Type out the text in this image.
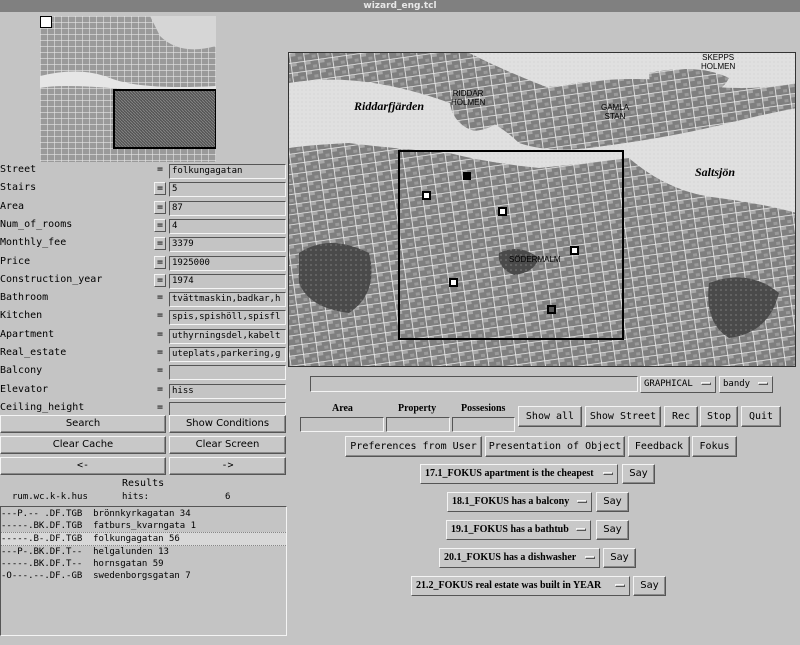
wizard_eng.tcl
Street	= folkungagatan
Stairs	= 5
Area	= 87
Num_of_rooms	= 4
Monthly_fee	= 3379
Price	= 1925000
Construction_year	= 1974
Bathroom	= tvättmaskin,badkar,h
Kitchen	= spis,spishöll,spisfl
Apartment	= uthyrningsdel,kabelt
Real_estate	= uteplats,parkering,g
Balcony	=
Elevator	= hiss
Ceiling_height	=
Search	Show Conditions
Clear Cache	Clear Screen
<-	->
Results
rum.wc.k-k.hus	hits:	6
---P.-- .DF.TGB  brönnkyrkagatan 34
-----.BK.DF.TGB  fatburs_kvarngata 1
-----.B-.DF.TGB  folkungagatan 56
---P-.BK.DF.T--  helgalunden 13
-----.BK.DF.T--  hornsgatan 59
-O---.--.DF.-GB  swedenborgsgatan 7
Riddarfjärden
RIDDAR
HOLMEN
GAMLA
STAN
SKEPPS
HOLMEN
Saltsjön
SÖDERMALM
GRAPHICAL	bandy
Area	Property Possesions
Show all	Show Street	Rec	Stop	Quit
Preferences from User	Presentation of Object	Feedback	Fokus
17.1_FOKUS apartment is the cheapest	Say
18.1_FOKUS has a balcony	Say
19.1_FOKUS has a bathtub	Say
20.1_FOKUS has a dishwasher	Say
21.2_FOKUS real estate was built in YEAR	Say
